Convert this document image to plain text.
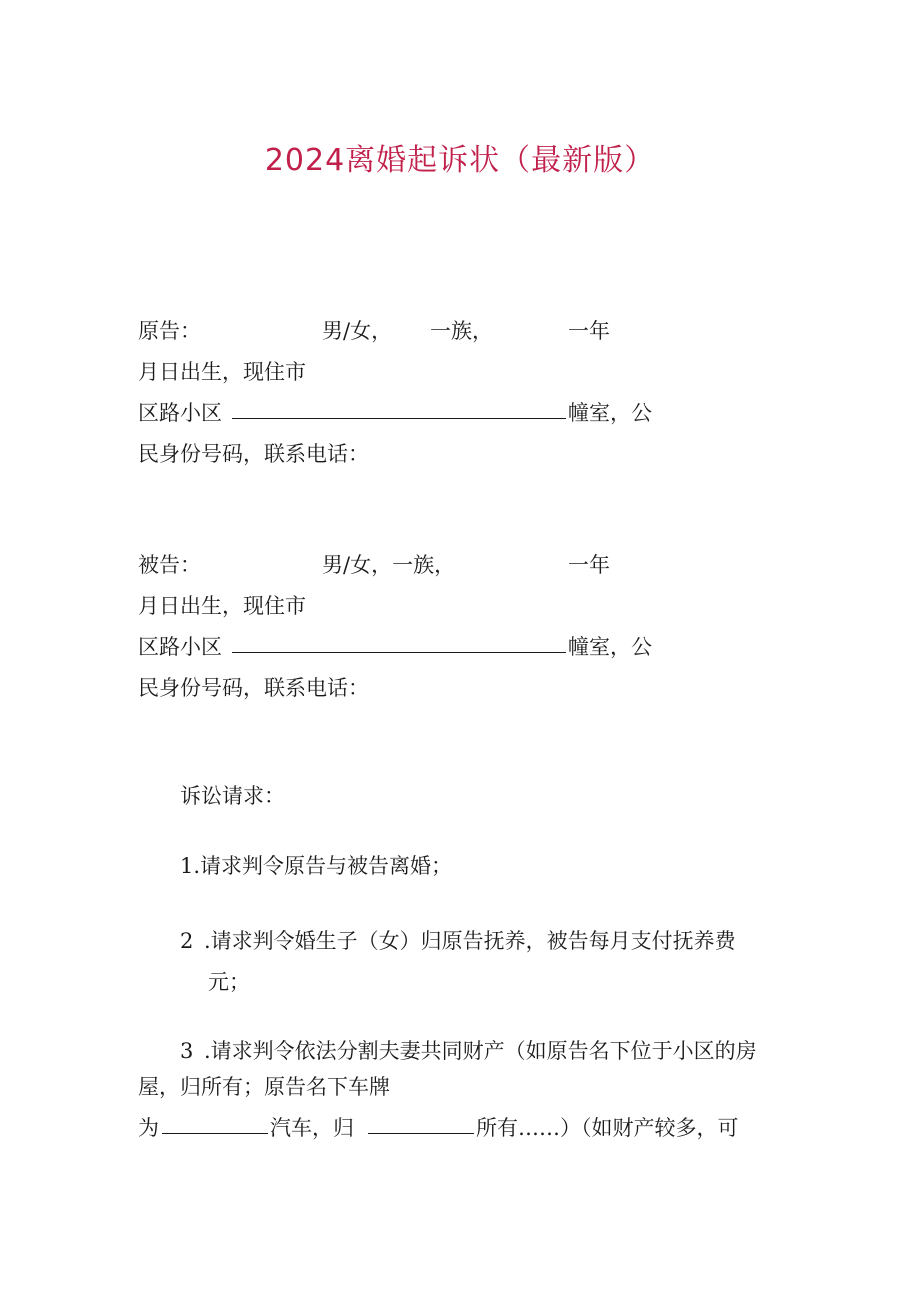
2024离婚起诉状（最新版）
原告：	男/女， 一族，	一年
月日出生，现住市
区路小区	幢室，公
民身份号码，联系电话：
被告：	男/女，一族，	一年
月日出生，现住市
区路小区	幢室，公
民身份号码，联系电话：
诉讼请求：
1.请求判令原告与被告离婚；
2 .请求判令婚生子（女）归原告抚养，被告每月支付抚养费
元；
3 .请求判令依法分割夫妻共同财产（如原告名下位于小区的房
屋，归所有；原告名下车牌
为	汽车，归	所有……）（如财产较多，可
